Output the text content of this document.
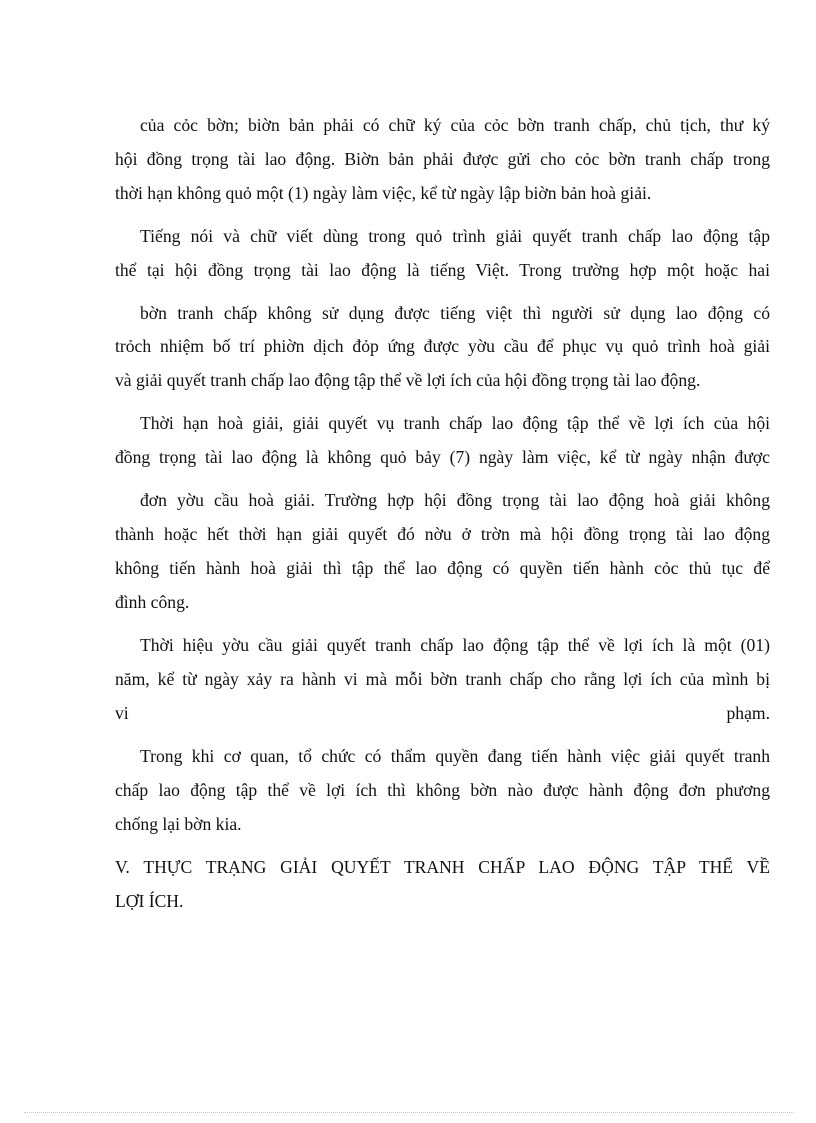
của cỏc bờn; biờn bản phải có chữ ký của cỏc bờn tranh chấp, chủ tịch, thư ký
hội đồng trọng tài lao động. Biờn bản phải được gửi cho cỏc bờn tranh chấp trong
thời hạn không quỏ một (1) ngày làm việc, kể từ ngày lập biờn bản hoà giải.
Tiếng nói và chữ viết dùng trong quỏ trình giải quyết tranh chấp lao động tập
thể tại hội đồng trọng tài lao động là tiếng Việt. Trong trường hợp một hoặc hai
bờn tranh chấp không sử dụng được tiếng việt thì người sử dụng lao động có
trỏch nhiệm bố trí phiờn dịch đỏp ứng được yờu cầu để phục vụ quỏ trình hoà giải
và giải quyết tranh chấp lao động tập thể về lợi ích của hội đồng trọng tài lao động.
Thời hạn hoà giải, giải quyết vụ tranh chấp lao động tập thể về lợi ích của hội
đồng trọng tài lao động là không quỏ bảy (7) ngày làm việc, kể từ ngày nhận được
đơn yờu cầu hoà giải. Trường hợp hội đồng trọng tài lao động hoà giải không
thành hoặc hết thời hạn giải quyết đó nờu ở trờn mà hội đồng trọng tài lao động
không tiến hành hoà giải thì tập thể lao động có quyền tiến hành cỏc thủ tục để
đình công.
Thời hiệu yờu cầu giải quyết tranh chấp lao động tập thể về lợi ích là một (01)
năm, kể từ ngày xảy ra hành vi mà mỗi bờn tranh chấp cho rằng lợi ích của mình bị
vi phạm.
Trong khi cơ quan, tổ chức có thẩm quyền đang tiến hành việc giải quyết tranh
chấp lao động tập thể về lợi ích thì không bờn nào được hành động đơn phương
chống lại bờn kia.
V. THỰC TRẠNG GIẢI QUYẾT TRANH CHẤP LAO ĐỘNG TẬP THỂ VỀ
LỢI ÍCH.
